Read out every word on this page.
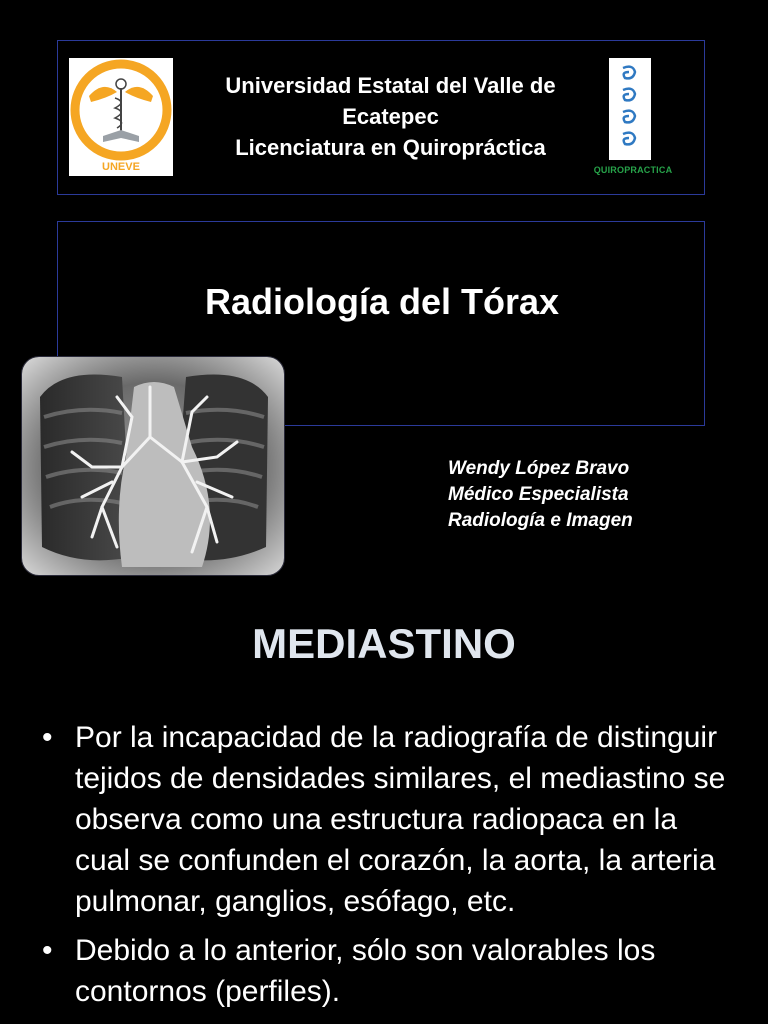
UNEVE
Universidad Estatal del Valle de
Ecatepec
Licenciatura en Quiropráctica
QUIROPRACTICA
Radiología del Tórax
Wendy López Bravo
Médico Especialista
Radiología e Imagen
MEDIASTINO
• Por la incapacidad de la radiografía de distinguir tejidos de densidades similares, el mediastino se observa como una estructura radiopaca en la cual se confunden el corazón, la aorta, la arteria pulmonar, ganglios, esófago, etc.
• Debido a lo anterior, sólo son valorables los contornos (perfiles).
